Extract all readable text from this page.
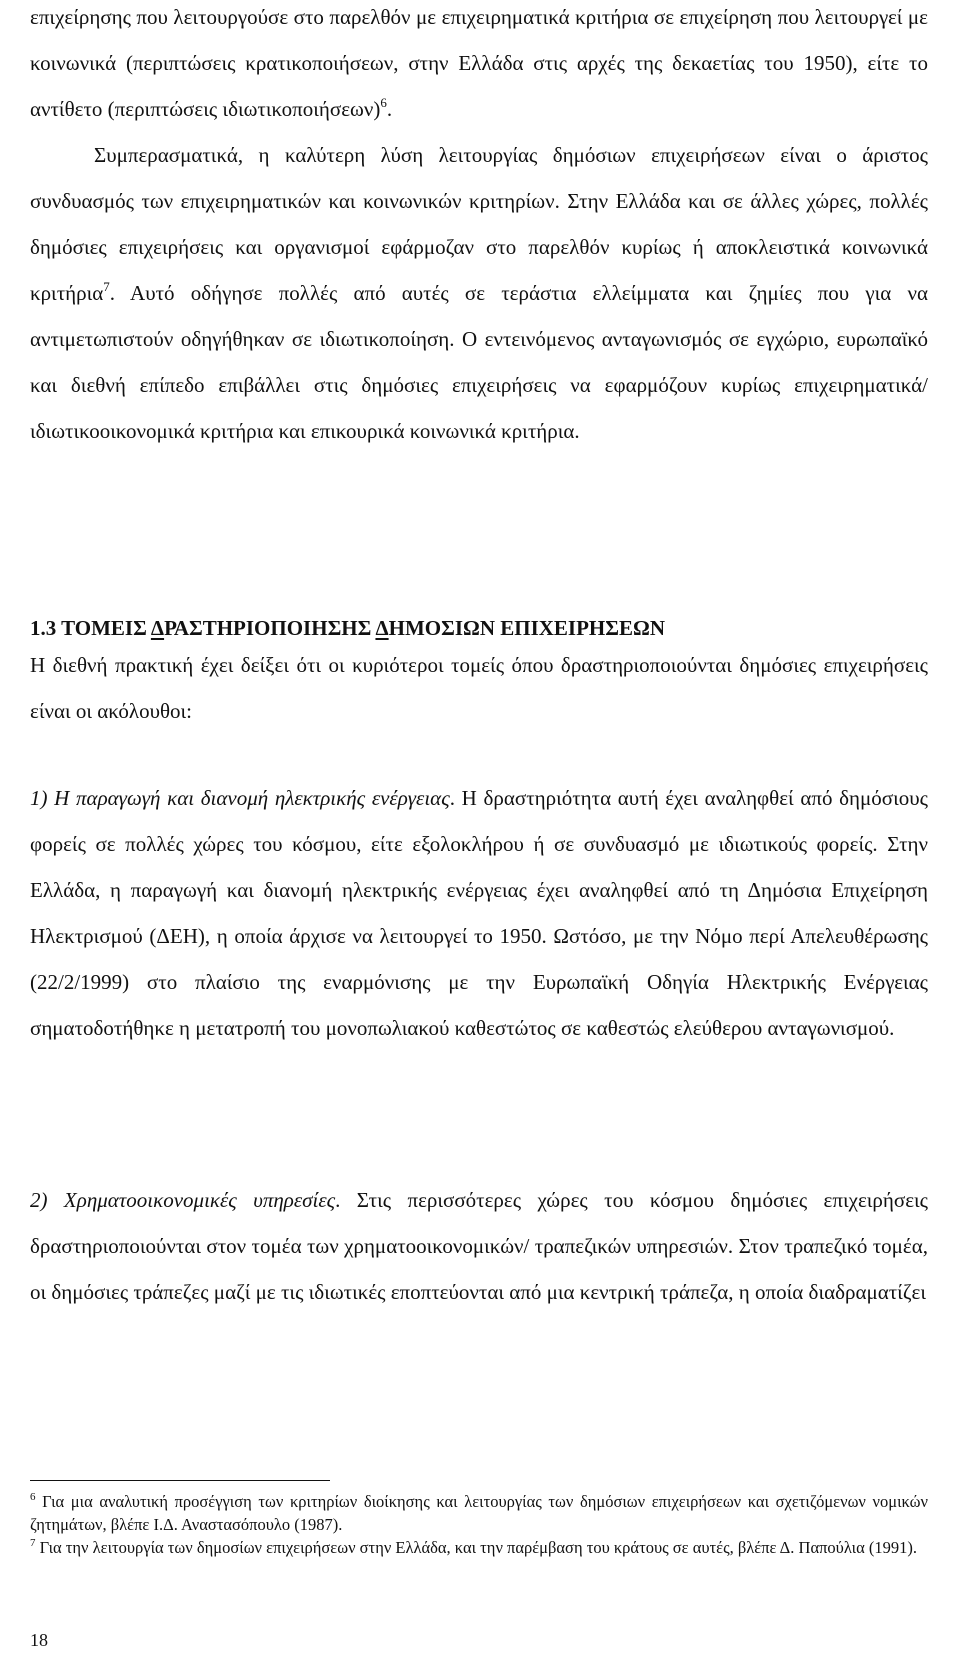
επιχείρησης που λειτουργούσε στο παρελθόν με επιχειρηματικά κριτήρια σε επιχείρηση που λειτουργεί με κοινωνικά (περιπτώσεις κρατικοποιήσεων, στην Ελλάδα στις αρχές της δεκαετίας του 1950), είτε το αντίθετο (περιπτώσεις ιδιωτικοποιήσεων)$^6$.

Συμπερασματικά, η καλύτερη λύση λειτουργίας δημόσιων επιχειρήσεων είναι ο άριστος συνδυασμός των επιχειρηματικών και κοινωνικών κριτηρίων. Στην Ελλάδα και σε άλλες χώρες, πολλές δημόσιες επιχειρήσεις και οργανισμοί εφάρμοζαν στο παρελθόν κυρίως ή αποκλειστικά κοινωνικά κριτήρια$^7$. Αυτό οδήγησε πολλές από αυτές σε τεράστια ελλείμματα και ζημίες που για να αντιμετωπιστούν οδηγήθηκαν σε ιδιωτικοποίηση. Ο εντεινόμενος ανταγωνισμός σε εγχώριο, ευρωπαϊκό και διεθνή επίπεδο επιβάλλει στις δημόσιες επιχειρήσεις να εφαρμόζουν κυρίως επιχειρηματικά/ ιδιωτικοοικονομικά κριτήρια και επικουρικά κοινωνικά κριτήρια.

1.3 ΤΟΜΕΙΣ ΔΡΑΣΤΗΡΙΟΠΟΙΗΣΗΣ ΔΗΜΟΣΙΩΝ ΕΠΙΧΕΙΡΗΣΕΩΝ

Η διεθνή πρακτική έχει δείξει ότι οι κυριότεροι τομείς όπου δραστηριοποιούνται δημόσιες επιχειρήσεις είναι οι ακόλουθοι:

1) Η παραγωγή και διανομή ηλεκτρικής ενέργειας. Η δραστηριότητα αυτή έχει αναληφθεί από δημόσιους φορείς σε πολλές χώρες του κόσμου, είτε εξολοκλήρου ή σε συνδυασμό με ιδιωτικούς φορείς. Στην Ελλάδα, η παραγωγή και διανομή ηλεκτρικής ενέργειας έχει αναληφθεί από τη Δημόσια Επιχείρηση Ηλεκτρισμού (ΔΕΗ), η οποία άρχισε να λειτουργεί το 1950. Ωστόσο, με την Νόμο περί Απελευθέρωσης (22/2/1999) στο πλαίσιο της εναρμόνισης με την Ευρωπαϊκή Οδηγία Ηλεκτρικής Ενέργειας σηματοδοτήθηκε η μετατροπή του μονοπωλιακού καθεστώτος σε καθεστώς ελεύθερου ανταγωνισμού.

2) Χρηματοοικονομικές υπηρεσίες. Στις περισσότερες χώρες του κόσμου δημόσιες επιχειρήσεις δραστηριοποιούνται στον τομέα των χρηματοοικονομικών/ τραπεζικών υπηρεσιών. Στον τραπεζικό τομέα, οι δημόσιες τράπεζες μαζί με τις ιδιωτικές εποπτεύονται από μια κεντρική τράπεζα, η οποία διαδραματίζει

$^6$ Για μια αναλυτική προσέγγιση των κριτηρίων διοίκησης και λειτουργίας των δημόσιων επιχειρήσεων και σχετιζόμενων νομικών ζητημάτων, βλέπε Ι.Δ. Αναστασόπουλο (1987).

$^7$ Για την λειτουργία των δημοσίων επιχειρήσεων στην Ελλάδα, και την παρέμβαση του κράτους σε αυτές, βλέπε Δ. Παπούλια (1991).

18
